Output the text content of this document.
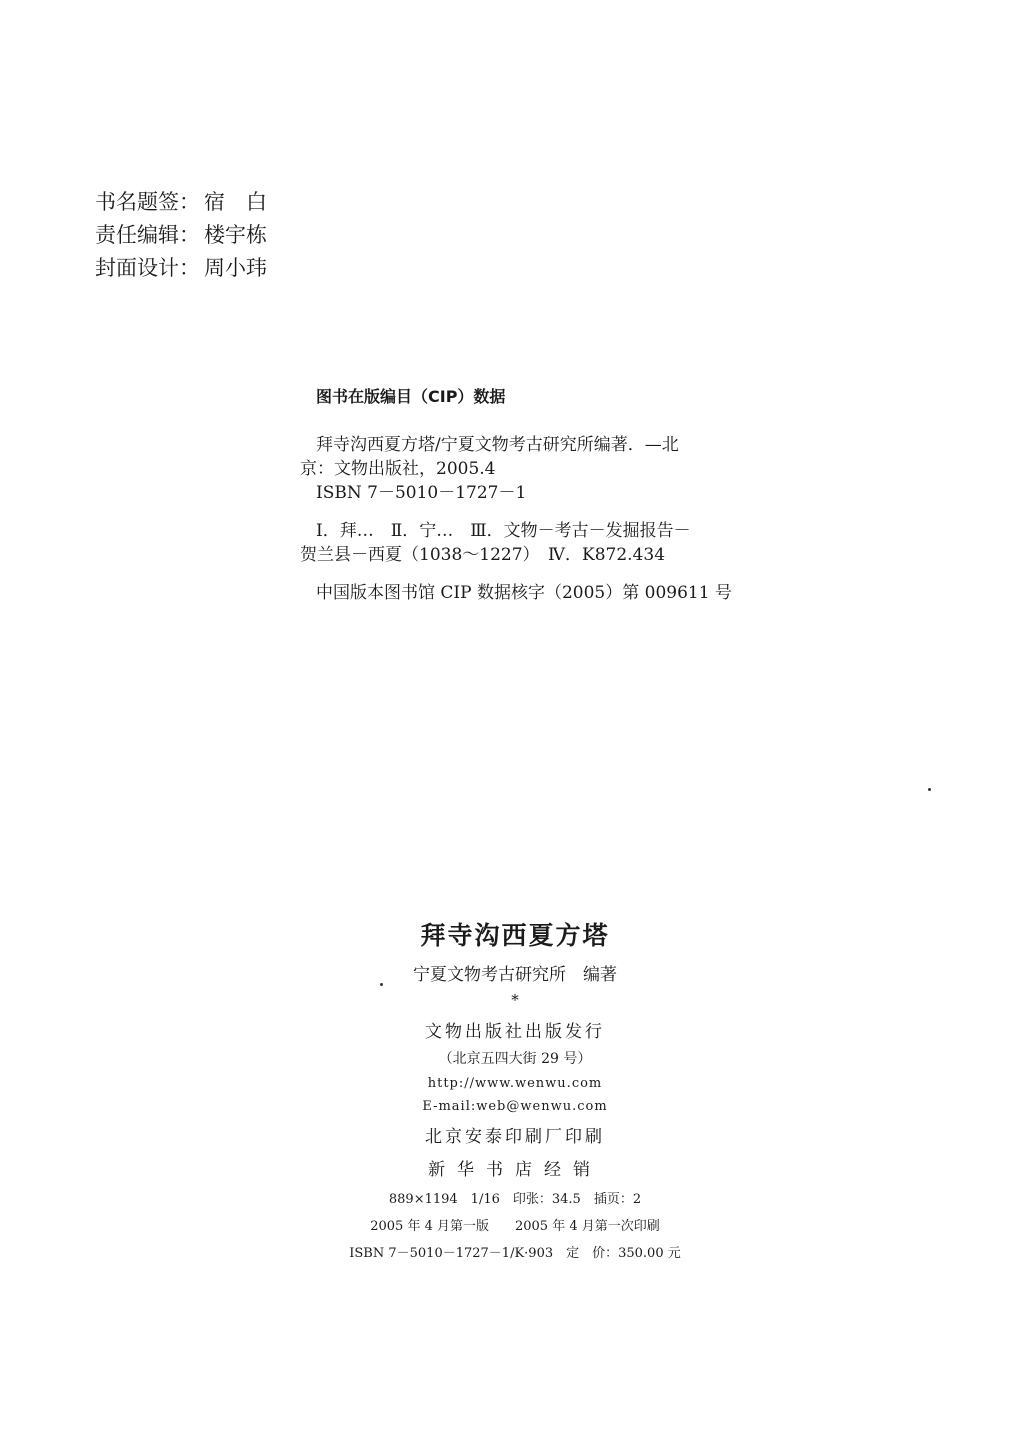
书名题签： 宿　白
责任编辑： 楼宇栋
封面设计： 周小玮
图书在版编目（CIP）数据

拜寺沟西夏方塔/宁夏文物考古研究所编著．—北

京：文物出版社，2005.4

ISBN 7－5010－1727－1

Ⅰ．拜…　Ⅱ．宁…　Ⅲ．文物－考古－发掘报告－

贺兰县－西夏（1038～1227）　Ⅳ．K872.434

中国版本图书馆 CIP 数据核字（2005）第 009611 号

拜寺沟西夏方塔
宁夏文物考古研究所　编著
*
文物出版社出版发行
（北京五四大街 29 号）
http://www.wenwu.com
E-mail:web@wenwu.com
北京安泰印刷厂印刷
新华书店经销
889×1194　1/16　印张：34.5　插页：2
2005 年 4 月第一版　　2005 年 4 月第一次印刷
ISBN 7－5010－1727－1/K·903　定　价：350.00 元
